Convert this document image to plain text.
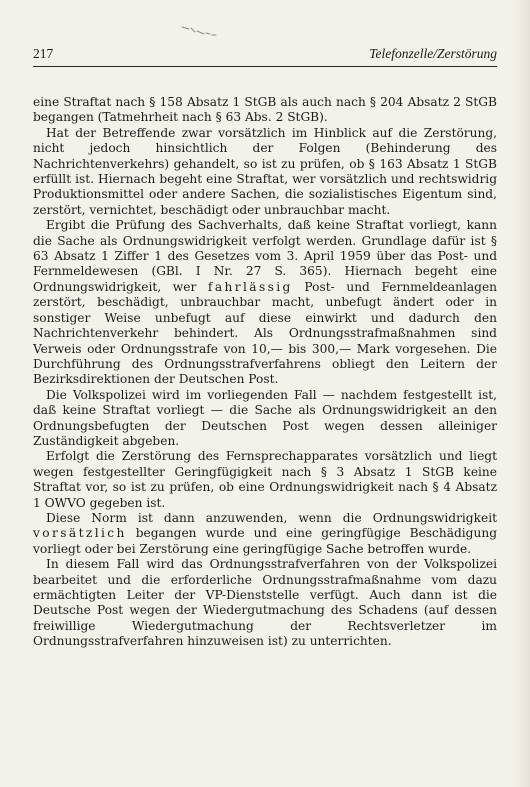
217	Telefonzelle/Zerstörung

eine Straftat nach § 158 Absatz 1 StGB als auch nach § 204 Absatz 2 StGB begangen (Tatmehrheit nach § 63 Abs. 2 StGB).

Hat der Betreffende zwar vorsätzlich im Hinblick auf die Zerstörung, nicht jedoch hinsichtlich der Folgen (Behinderung des Nachrichtenverkehrs) gehandelt, so ist zu prüfen, ob § 163 Absatz 1 StGB erfüllt ist. Hiernach begeht eine Straftat, wer vorsätzlich und rechtswidrig Produktionsmittel oder andere Sachen, die sozialistisches Eigentum sind, zerstört, vernichtet, beschädigt oder unbrauchbar macht.

Ergibt die Prüfung des Sachverhalts, daß keine Straftat vorliegt, kann die Sache als Ordnungswidrigkeit verfolgt werden. Grundlage dafür ist § 63 Absatz 1 Ziffer 1 des Gesetzes vom 3. April 1959 über das Post- und Fernmeldewesen (GBl. I Nr. 27 S. 365). Hiernach begeht eine Ordnungswidrigkeit, wer fahrlässig Post- und Fernmeldeanlagen zerstört, beschädigt, unbrauchbar macht, unbefugt ändert oder in sonstiger Weise unbefugt auf diese einwirkt und dadurch den Nachrichtenverkehr behindert. Als Ordnungsstrafmaßnahmen sind Verweis oder Ordnungsstrafe von 10,— bis 300,— Mark vorgesehen. Die Durchführung des Ordnungsstrafverfahrens obliegt den Leitern der Bezirksdirektionen der Deutschen Post.

Die Volkspolizei wird im vorliegenden Fall — nachdem festgestellt ist, daß keine Straftat vorliegt — die Sache als Ordnungswidrigkeit an den Ordnungsbefugten der Deutschen Post wegen dessen alleiniger Zuständigkeit abgeben.

Erfolgt die Zerstörung des Fernsprechapparates vorsätzlich und liegt wegen festgestellter Geringfügigkeit nach § 3 Absatz 1 StGB keine Straftat vor, so ist zu prüfen, ob eine Ordnungswidrigkeit nach § 4 Absatz 1 OWVO gegeben ist.

Diese Norm ist dann anzuwenden, wenn die Ordnungswidrigkeit vorsätzlich begangen wurde und eine geringfügige Beschädigung vorliegt oder bei Zerstörung eine geringfügige Sache betroffen wurde.

In diesem Fall wird das Ordnungsstrafverfahren von der Volkspolizei bearbeitet und die erforderliche Ordnungsstrafmaßnahme vom dazu ermächtigten Leiter der VP-Dienststelle verfügt. Auch dann ist die Deutsche Post wegen der Wiedergutmachung des Schadens (auf dessen freiwillige Wiedergutmachung der Rechtsverletzer im Ordnungsstrafverfahren hinzuweisen ist) zu unterrichten.
